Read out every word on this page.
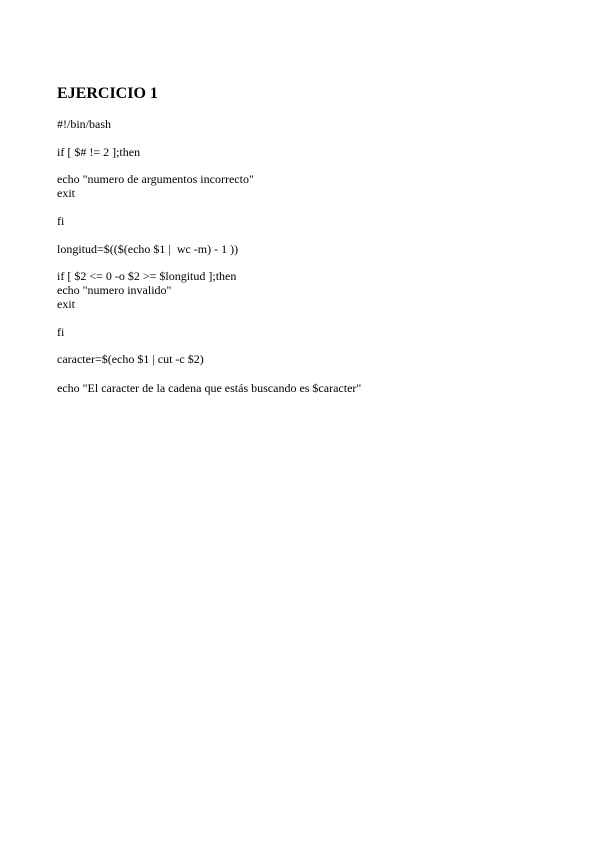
EJERCICIO 1
#!/bin/bash
if [ $# != 2 ];then
echo "numero de argumentos incorrecto"
exit
fi
longitud=$(($(echo $1 |  wc -m) - 1 ))
if [ $2 <= 0 -o $2 >= $longitud ];then
echo "numero invalido"
exit
fi
caracter=$(echo $1 | cut -c $2)
echo "El caracter de la cadena que estás buscando es $caracter"
